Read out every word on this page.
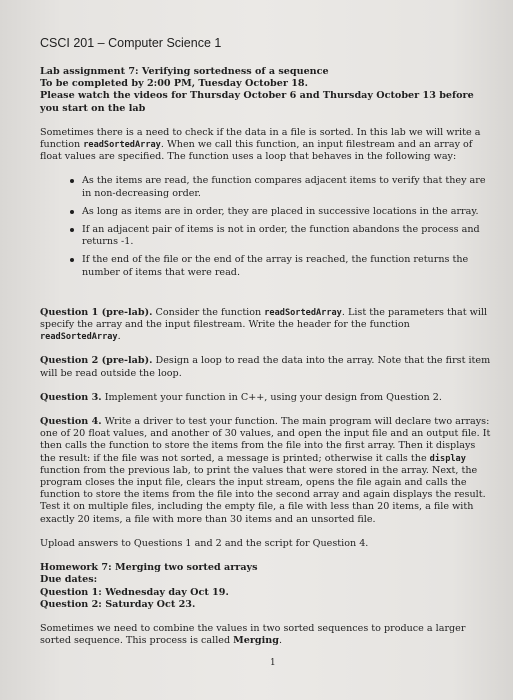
CSCI 201 – Computer Science 1
Lab assignment 7: Verifying sortedness of a sequence
To be completed by 2:00 PM, Tuesday October 18.
Please watch the videos for Thursday October 6 and Thursday October 13 before you start on the lab
Sometimes there is a need to check if the data in a file is sorted. In this lab we will write a function readSortedArray. When we call this function, an input filestream and an array of float values are specified. The function uses a loop that behaves in the following way:
As the items are read, the function compares adjacent items to verify that they are in non-decreasing order.
As long as items are in order, they are placed in successive locations in the array.
If an adjacent pair of items is not in order, the function abandons the process and returns -1.
If the end of the file or the end of the array is reached, the function returns the number of items that were read.
Question 1 (pre-lab). Consider the function readSortedArray. List the parameters that will specify the array and the input filestream. Write the header for the function readSortedArray.
Question 2 (pre-lab). Design a loop to read the data into the array. Note that the first item will be read outside the loop.
Question 3. Implement your function in C++, using your design from Question 2.
Question 4. Write a driver to test your function. The main program will declare two arrays: one of 20 float values, and another of 30 values, and open the input file and an output file. It then calls the function to store the items from the file into the first array. Then it displays the result: if the file was not sorted, a message is printed; otherwise it calls the display function from the previous lab, to print the values that were stored in the array. Next, the program closes the input file, clears the input stream, opens the file again and calls the function to store the items from the file into the second array and again displays the result. Test it on multiple files, including the empty file, a file with less than 20 items, a file with exactly 20 items, a file with more than 30 items and an unsorted file.
Upload answers to Questions 1 and 2 and the script for Question 4.
Homework 7: Merging two sorted arrays
Due dates:
Question 1: Wednesday day Oct 19.
Question 2: Saturday Oct 23.
Sometimes we need to combine the values in two sorted sequences to produce a larger sorted sequence. This process is called Merging.
1
